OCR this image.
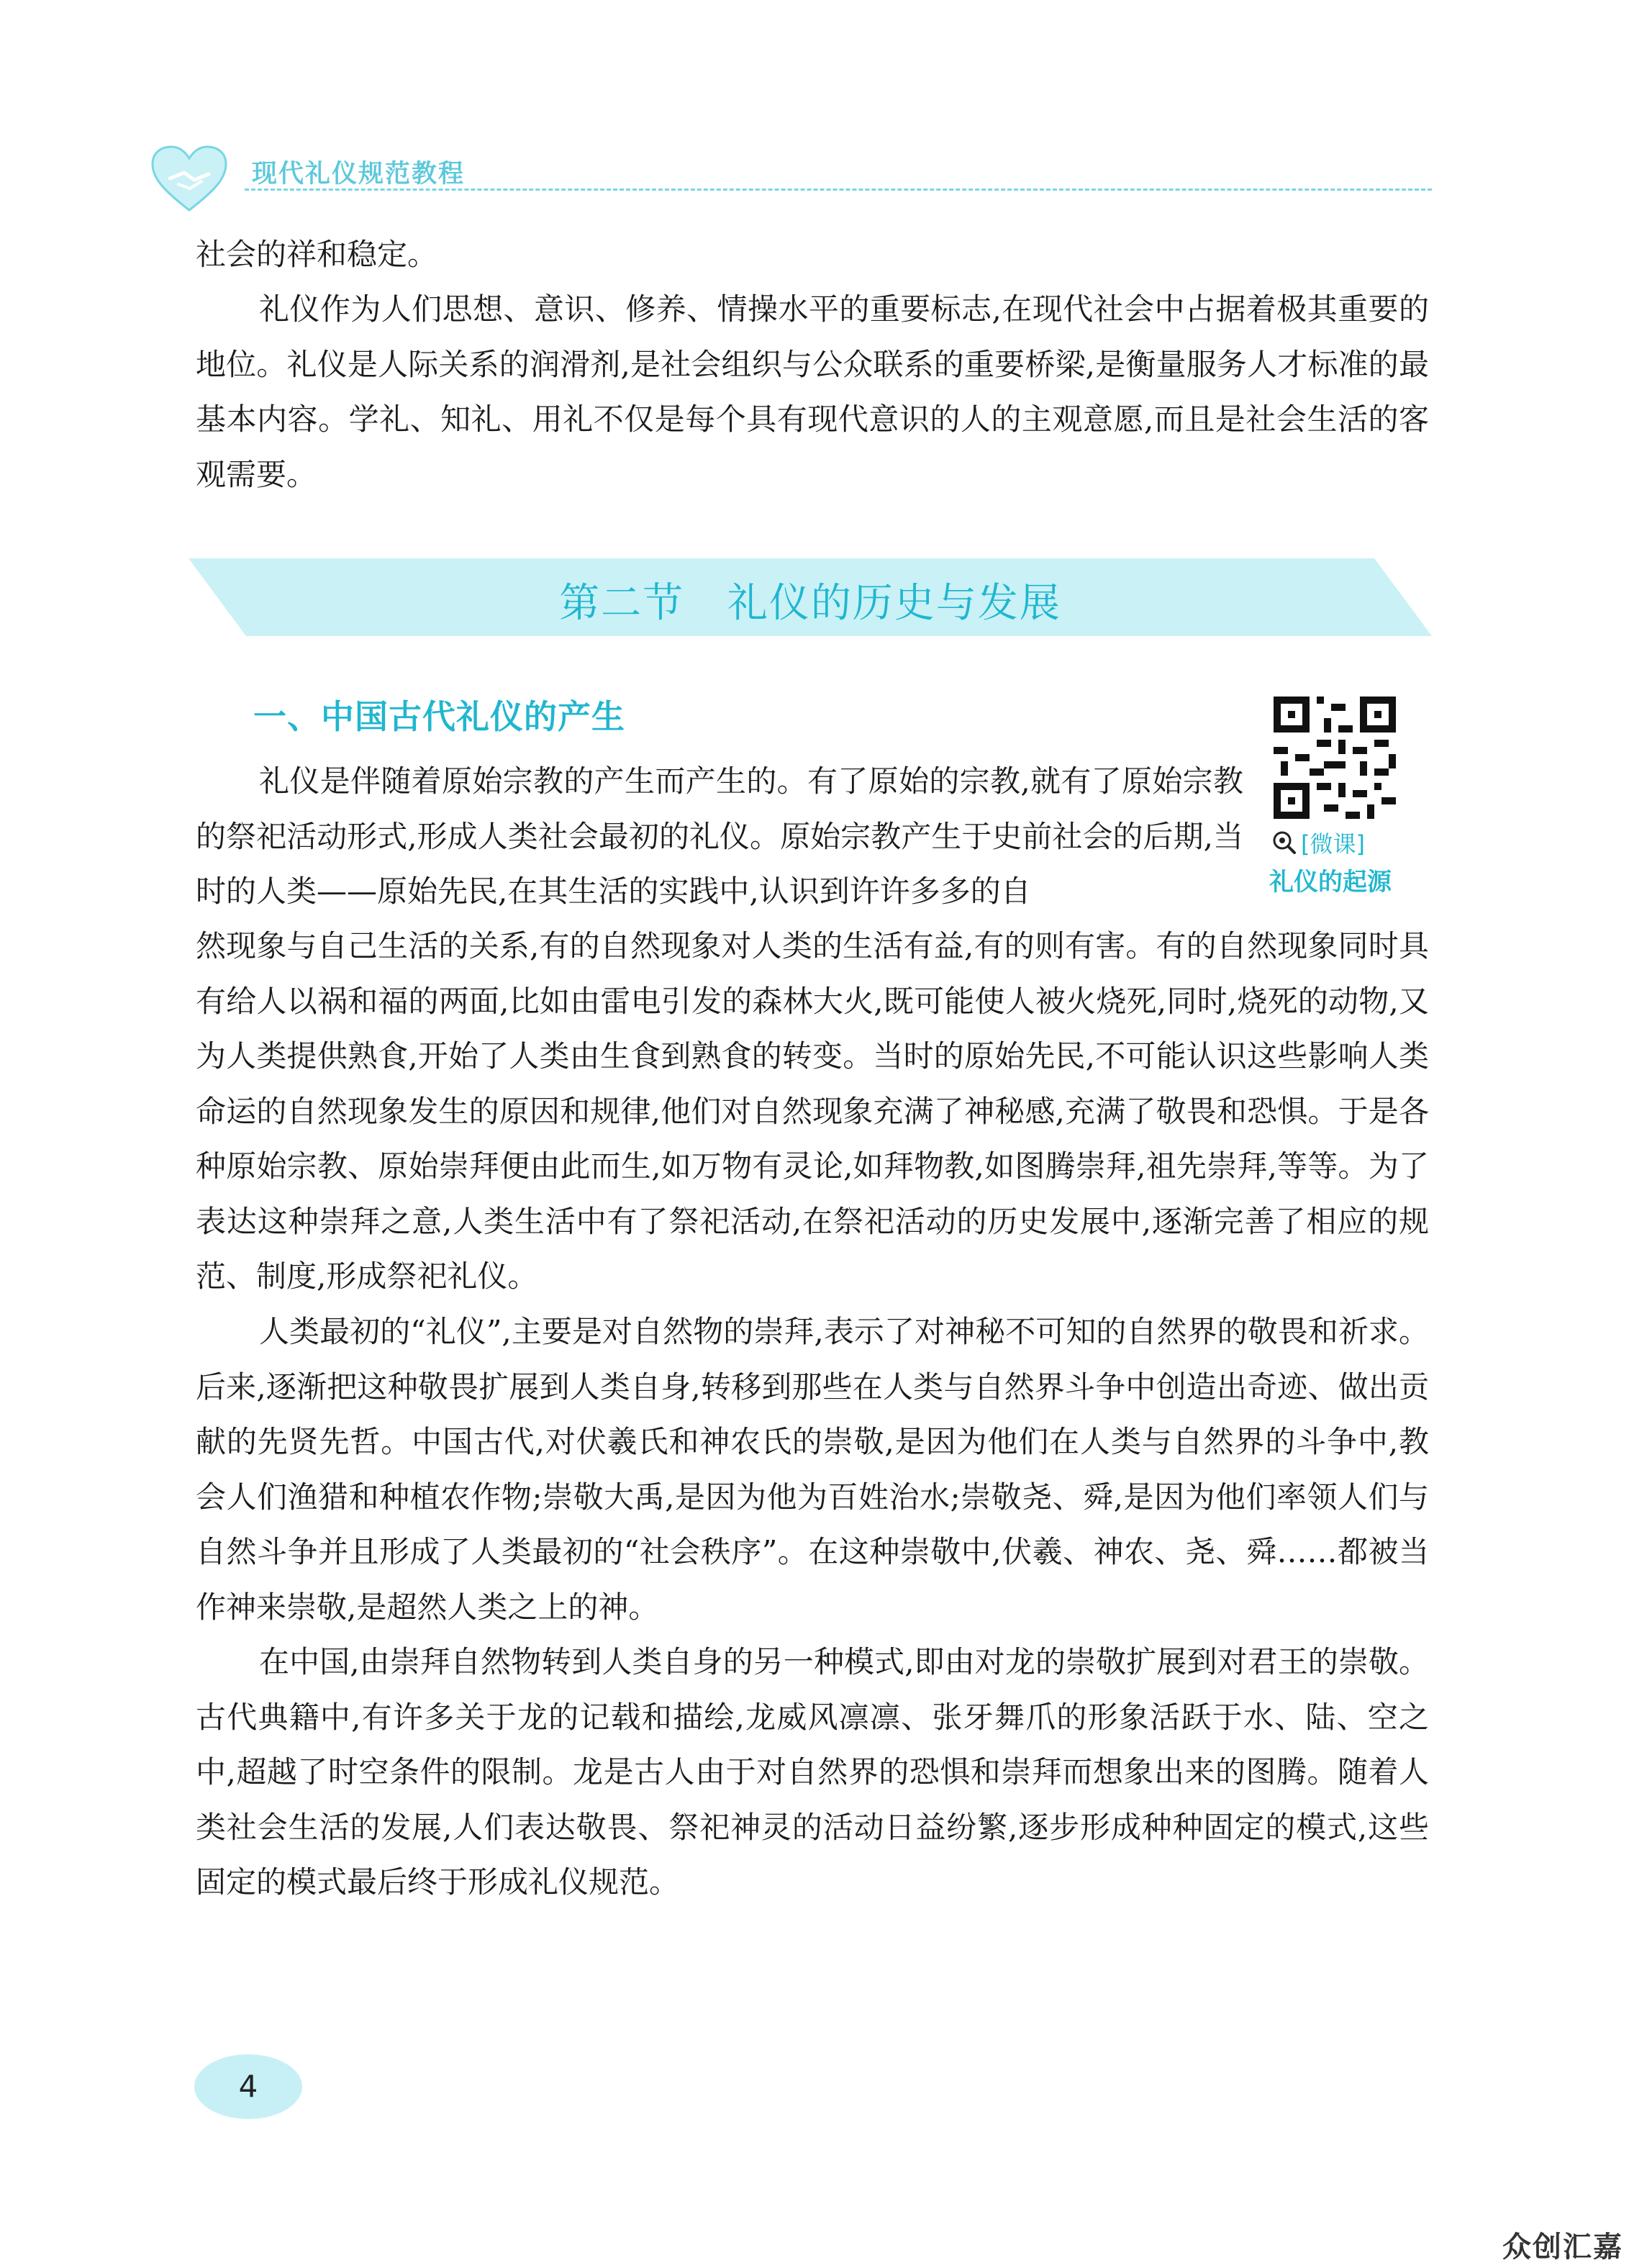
现代礼仪规范教程

社会的祥和稳定。

礼仪作为人们思想、意识、修养、情操水平的重要标志,在现代社会中占据着极其重要的地位。礼仪是人际关系的润滑剂,是社会组织与公众联系的重要桥梁,是衡量服务人才标准的最基本内容。学礼、知礼、用礼不仅是每个具有现代意识的人的主观意愿,而且是社会生活的客观需要。

第二节 礼仪的历史与发展
一、中国古代礼仪的产生
[微课]
礼仪的起源

礼仪是伴随着原始宗教的产生而产生的。有了原始的宗教,就有了原始宗教的祭祀活动形式,形成人类社会最初的礼仪。原始宗教产生于史前社会的后期,当时的人类——原始先民,在其生活的实践中,认识到许许多多的自

然现象与自己生活的关系,有的自然现象对人类的生活有益,有的则有害。有的自然现象同时具有给人以祸和福的两面,比如由雷电引发的森林大火,既可能使人被火烧死,同时,烧死的动物,又为人类提供熟食,开始了人类由生食到熟食的转变。当时的原始先民,不可能认识这些影响人类命运的自然现象发生的原因和规律,他们对自然现象充满了神秘感,充满了敬畏和恐惧。于是各种原始宗教、原始崇拜便由此而生,如万物有灵论,如拜物教,如图腾崇拜,祖先崇拜,等等。为了表达这种崇拜之意,人类生活中有了祭祀活动,在祭祀活动的历史发展中,逐渐完善了相应的规范、制度,形成祭祀礼仪。

人类最初的“礼仪”,主要是对自然物的崇拜,表示了对神秘不可知的自然界的敬畏和祈求。后来,逐渐把这种敬畏扩展到人类自身,转移到那些在人类与自然界斗争中创造出奇迹、做出贡献的先贤先哲。中国古代,对伏羲氏和神农氏的崇敬,是因为他们在人类与自然界的斗争中,教会人们渔猎和种植农作物;崇敬大禹,是因为他为百姓治水;崇敬尧、舜,是因为他们率领人们与自然斗争并且形成了人类最初的“社会秩序”。在这种崇敬中,伏羲、神农、尧、舜……都被当作神来崇敬,是超然人类之上的神。

在中国,由崇拜自然物转到人类自身的另一种模式,即由对龙的崇敬扩展到对君王的崇敬。古代典籍中,有许多关于龙的记载和描绘,龙威风凛凛、张牙舞爪的形象活跃于水、陆、空之中,超越了时空条件的限制。龙是古人由于对自然界的恐惧和崇拜而想象出来的图腾。随着人类社会生活的发展,人们表达敬畏、祭祀神灵的活动日益纷繁,逐步形成种种固定的模式,这些固定的模式最后终于形成礼仪规范。

4
众创汇嘉
